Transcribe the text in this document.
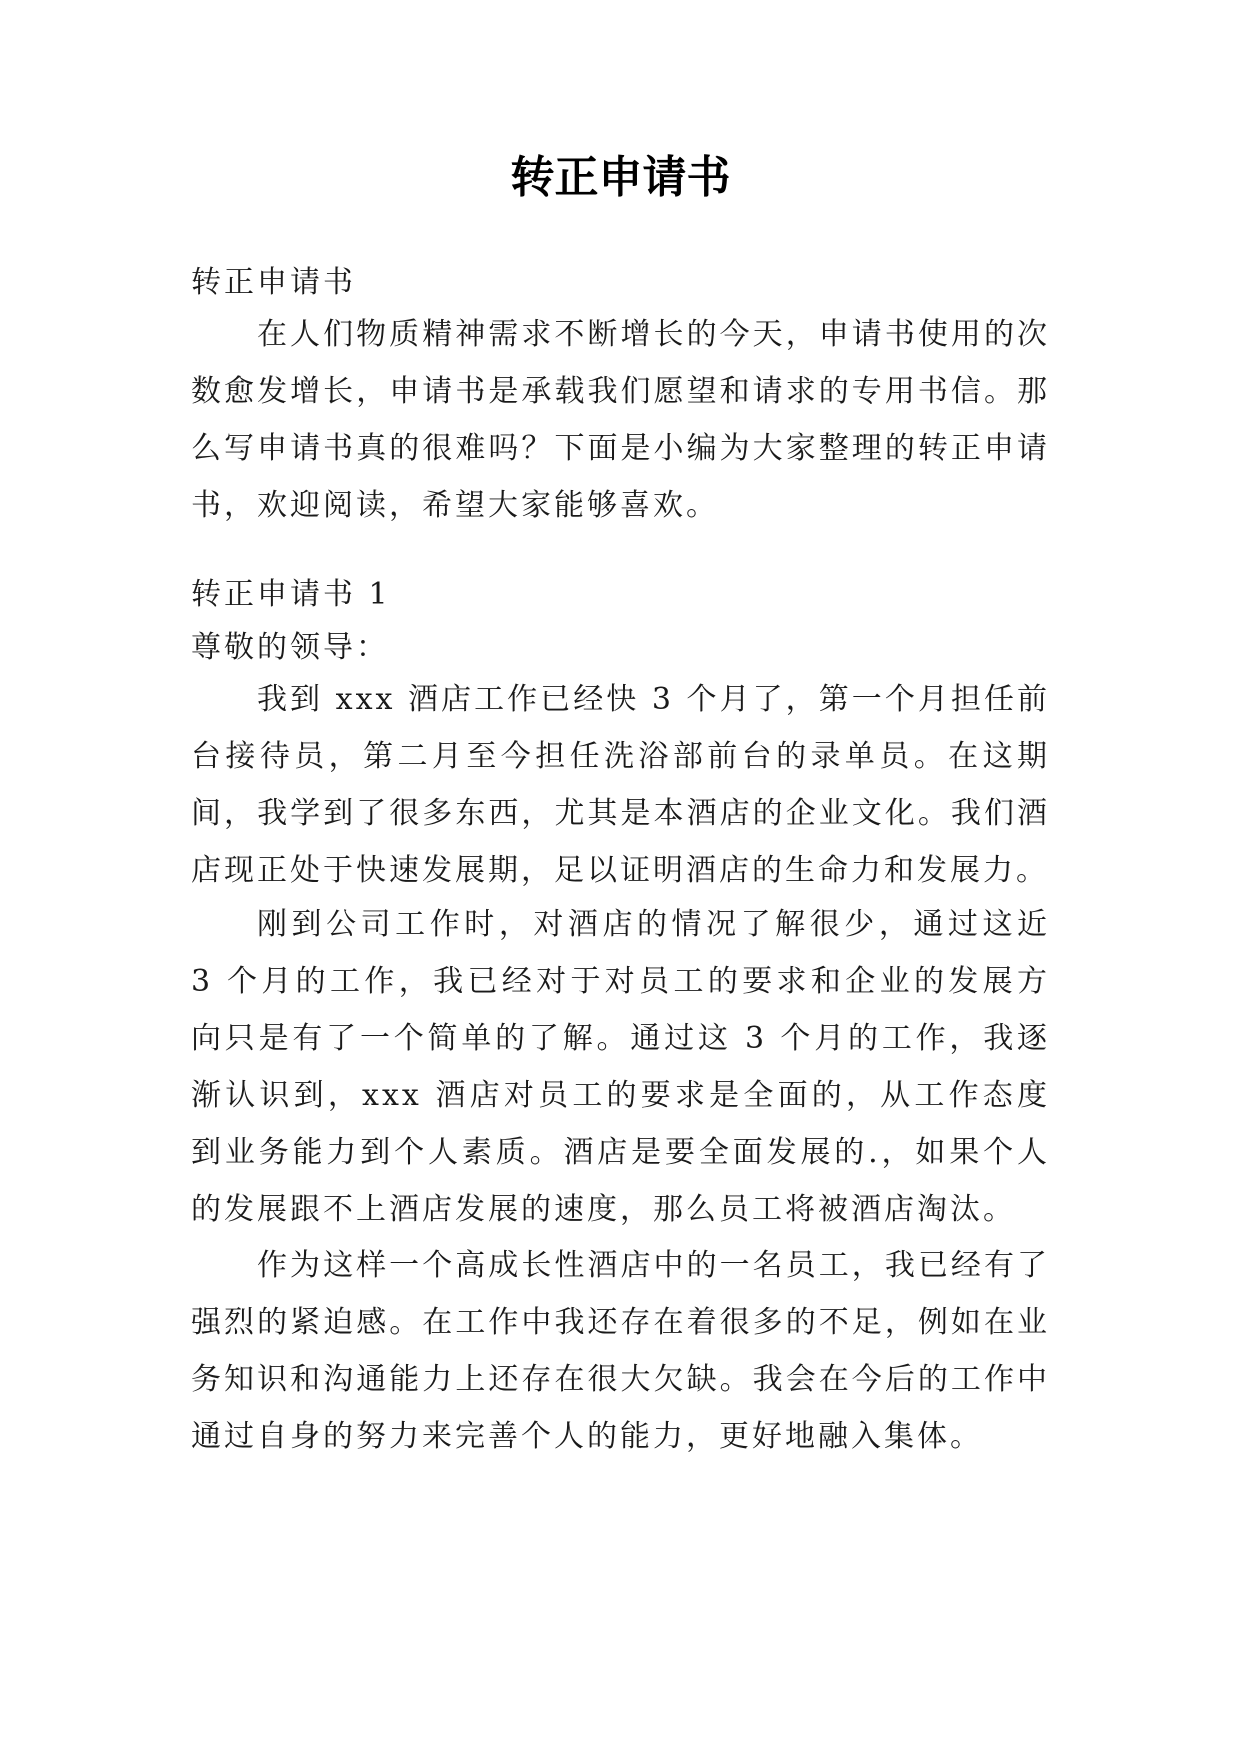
转正申请书

转正申请书

在人们物质精神需求不断增长的今天，申请书使用的次数愈发增长，申请书是承载我们愿望和请求的专用书信。那么写申请书真的很难吗？下面是小编为大家整理的转正申请书，欢迎阅读，希望大家能够喜欢。

转正申请书 1

尊敬的领导：

我到 xxx 酒店工作已经快 3 个月了，第一个月担任前台接待员，第二月至今担任洗浴部前台的录单员。在这期间，我学到了很多东西，尤其是本酒店的企业文化。我们酒店现正处于快速发展期，足以证明酒店的生命力和发展力。

刚到公司工作时，对酒店的情况了解很少，通过这近 3 个月的工作，我已经对于对员工的要求和企业的发展方向只是有了一个简单的了解。通过这 3 个月的工作，我逐渐认识到，xxx 酒店对员工的要求是全面的，从工作态度到业务能力到个人素质。酒店是要全面发展的.，如果个人的发展跟不上酒店发展的速度，那么员工将被酒店淘汰。

作为这样一个高成长性酒店中的一名员工，我已经有了强烈的紧迫感。在工作中我还存在着很多的不足，例如在业务知识和沟通能力上还存在很大欠缺。我会在今后的工作中通过自身的努力来完善个人的能力，更好地融入集体。
